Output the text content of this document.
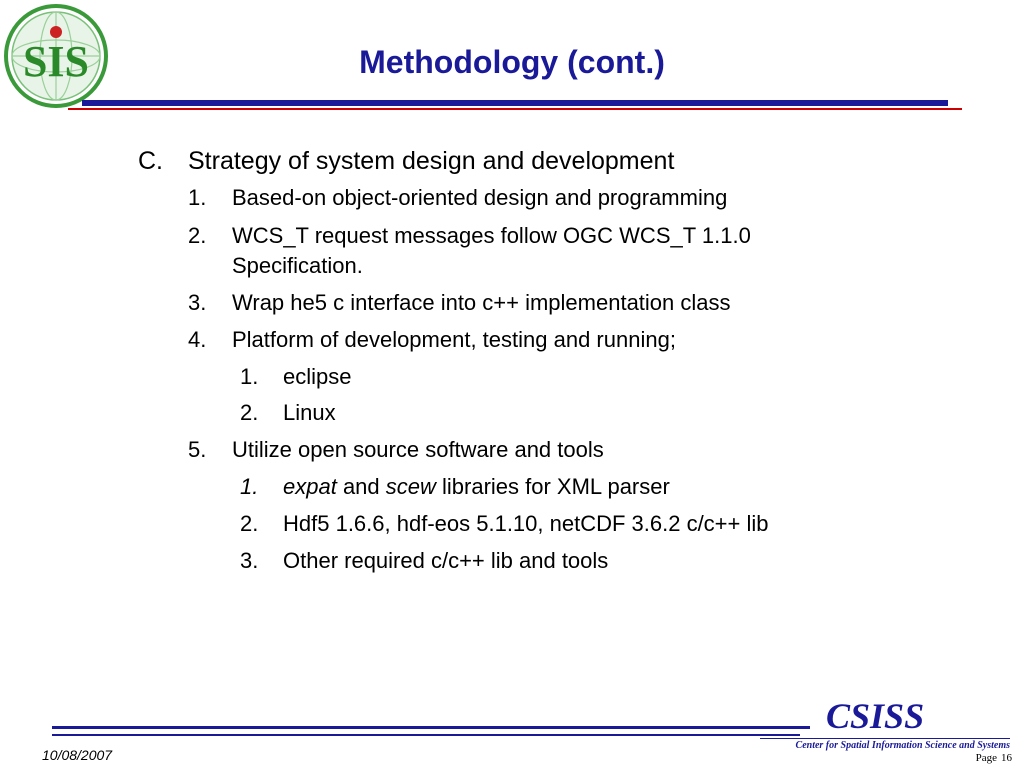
SIS	Methodology (cont.)
C. Strategy of system design and development
1. Based-on object-oriented design and programming
2. WCS_T request messages follow OGC WCS_T 1.1.0
Specification.
3. Wrap he5 c interface into c++ implementation class
4. Platform of development, testing and running;
1. eclipse
2. Linux
5. Utilize open source software and tools
1. expat and scew libraries for XML parser
2. Hdf5 1.6.6, hdf-eos 5.1.10, netCDF 3.6.2 c/c++ lib
3. Other required c/c++ lib and tools
CSISS
Center for Spatial Information Science and Systems
10/08/2007	Page 16
